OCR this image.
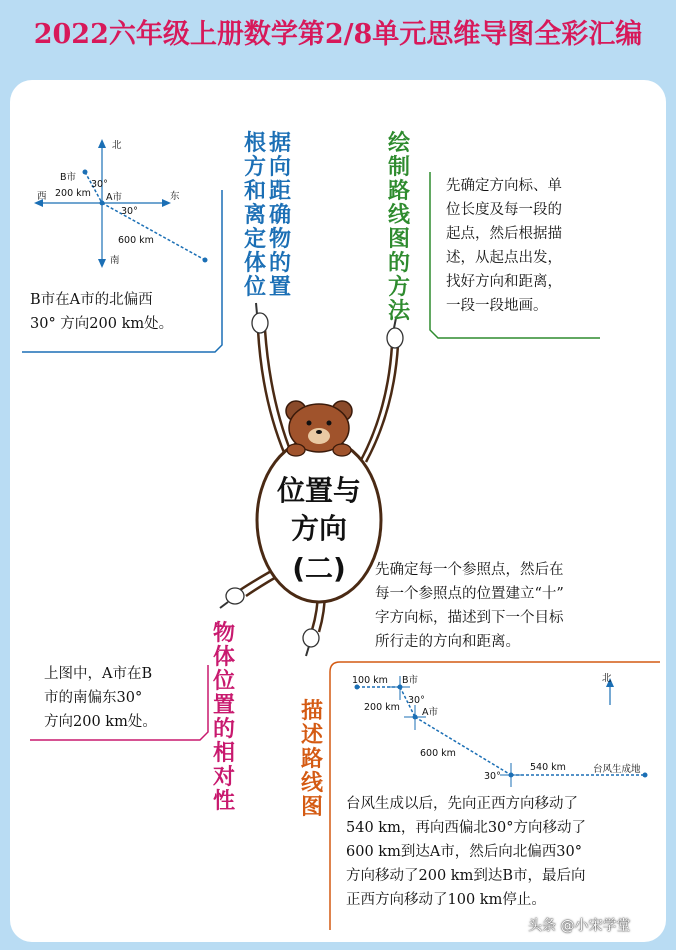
2022六年级上册数学第2/8单元思维导图全彩汇编
位置与
方向
(二)
北
南
东
西
B市
A市
30°
30°
200 km
600 km
100 km B市
30°
200 km A市
600 km
30°
540 km	台风生成地
北
根方和离定体位
据向距确物的置
B市在A市的北偏西
30° 方向200 km处。
绘制路线图的方法
先确定方向标、单
位长度及每一段的
起点，然后根据描
述，从起点出发，
找好方向和距离，
一段一段地画。
物体位置的相对性
上图中，A市在B
市的南偏东30°
方向200 km处。
先确定每一个参照点，然后在
每一个参照点的位置建立“十”
字方向标，描述到下一个目标
所行走的方向和距离。
描述路线图 台风生成以后，先向正西方向移动了
540 km，再向西偏北30°方向移动了
600 km到达A市，然后向北偏西30°
方向移动了200 km到达B市，最后向
正西方向移动了100 km停止。
头条 @小宋学堂
